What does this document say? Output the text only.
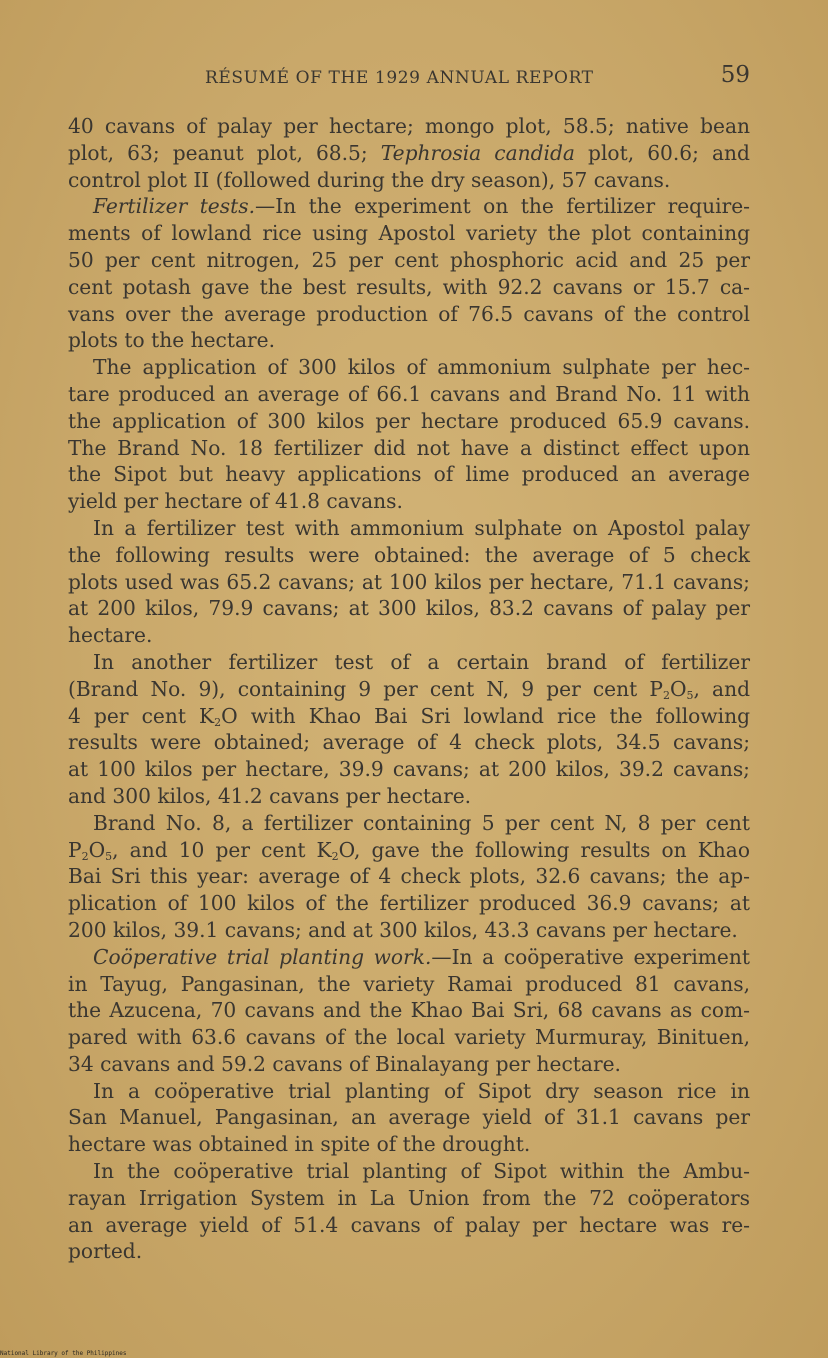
RÉSUMÉ OF THE 1929 ANNUAL REPORT	59
40 cavans of palay per hectare; mongo plot, 58.5; native bean
plot, 63; peanut plot, 68.5; Tephrosia candida plot, 60.6; and
control plot II (followed during the dry season), 57 cavans.
Fertilizer tests.—In the experiment on the fertilizer require-
ments of lowland rice using Apostol variety the plot containing
50 per cent nitrogen, 25 per cent phosphoric acid and 25 per
cent potash gave the best results, with 92.2 cavans or 15.7 ca-
vans over the average production of 76.5 cavans of the control
plots to the hectare.
The application of 300 kilos of ammonium sulphate per hec-
tare produced an average of 66.1 cavans and Brand No. 11 with
the application of 300 kilos per hectare produced 65.9 cavans.
The Brand No. 18 fertilizer did not have a distinct effect upon
the Sipot but heavy applications of lime produced an average
yield per hectare of 41.8 cavans.
In a fertilizer test with ammonium sulphate on Apostol palay
the following results were obtained: the average of 5 check
plots used was 65.2 cavans; at 100 kilos per hectare, 71.1 cavans;
at 200 kilos, 79.9 cavans; at 300 kilos, 83.2 cavans of palay per
hectare.
In another fertilizer test of a certain brand of fertilizer
(Brand No. 9), containing 9 per cent N, 9 per cent $P_2O_5$, and
4 per cent $K_2O$ with Khao Bai Sri lowland rice the following
results were obtained; average of 4 check plots, 34.5 cavans;
at 100 kilos per hectare, 39.9 cavans; at 200 kilos, 39.2 cavans;
and 300 kilos, 41.2 cavans per hectare.
Brand No. 8, a fertilizer containing 5 per cent N, 8 per cent
$P_2O_5$, and 10 per cent $K_2O$, gave the following results on Khao
Bai Sri this year: average of 4 check plots, 32.6 cavans; the ap-
plication of 100 kilos of the fertilizer produced 36.9 cavans; at
200 kilos, 39.1 cavans; and at 300 kilos, 43.3 cavans per hectare.
Coöperative trial planting work.—In a coöperative experiment
in Tayug, Pangasinan, the variety Ramai produced 81 cavans,
the Azucena, 70 cavans and the Khao Bai Sri, 68 cavans as com-
pared with 63.6 cavans of the local variety Murmuray, Binituen,
34 cavans and 59.2 cavans of Binalayang per hectare.
In a coöperative trial planting of Sipot dry season rice in
San Manuel, Pangasinan, an average yield of 31.1 cavans per
hectare was obtained in spite of the drought.
In the coöperative trial planting of Sipot within the Ambu-
rayan Irrigation System in La Union from the 72 coöperators
an average yield of 51.4 cavans of palay per hectare was re-
ported.
National Library of the Philippines
